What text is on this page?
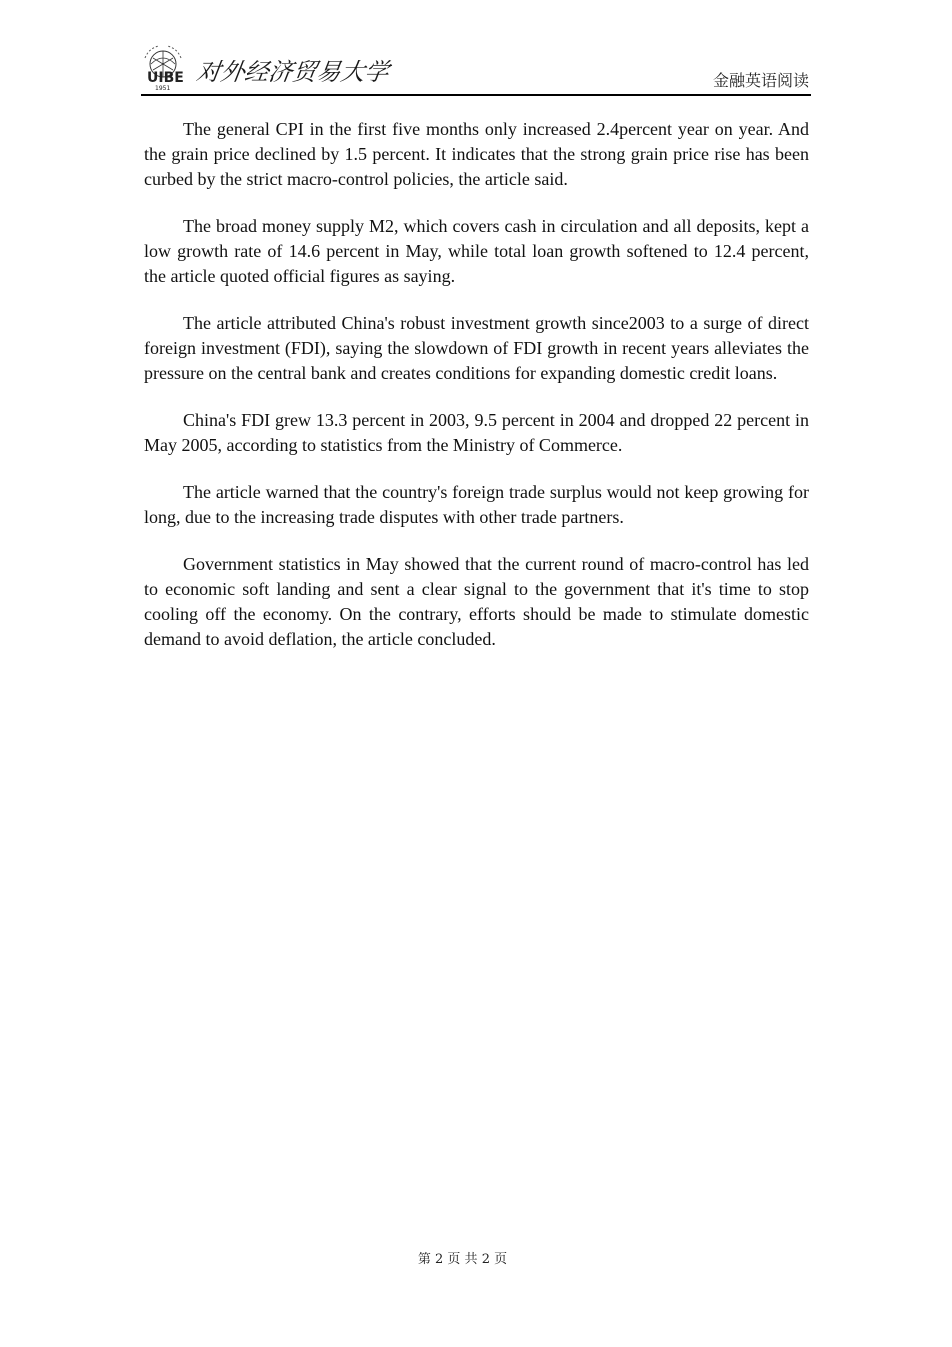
UIBE
1951
对外经济贸易大学	金融英语阅读

The general CPI in the first five months only increased 2.4percent year on year. And the grain price declined by 1.5 percent. It indicates that the strong grain price rise has been curbed by the strict macro-control policies, the article said.

The broad money supply M2, which covers cash in circulation and all deposits, kept a low growth rate of 14.6 percent in May, while total loan growth softened to 12.4 percent, the article quoted official figures as saying.

The article attributed China's robust investment growth since2003 to a surge of direct foreign investment (FDI), saying the slowdown of FDI growth in recent years alleviates the pressure on the central bank and creates conditions for expanding domestic credit loans.

China's FDI grew 13.3 percent in 2003, 9.5 percent in 2004 and dropped 22 percent in May 2005, according to statistics from the Ministry of Commerce.

The article warned that the country's foreign trade surplus would not keep growing for long, due to the increasing trade disputes with other trade partners.

Government statistics in May showed that the current round of macro-control has led to economic soft landing and sent a clear signal to the government that it's time to stop cooling off the economy. On the contrary, efforts should be made to stimulate domestic demand to avoid deflation, the article concluded.

第 2 页 共 2 页
